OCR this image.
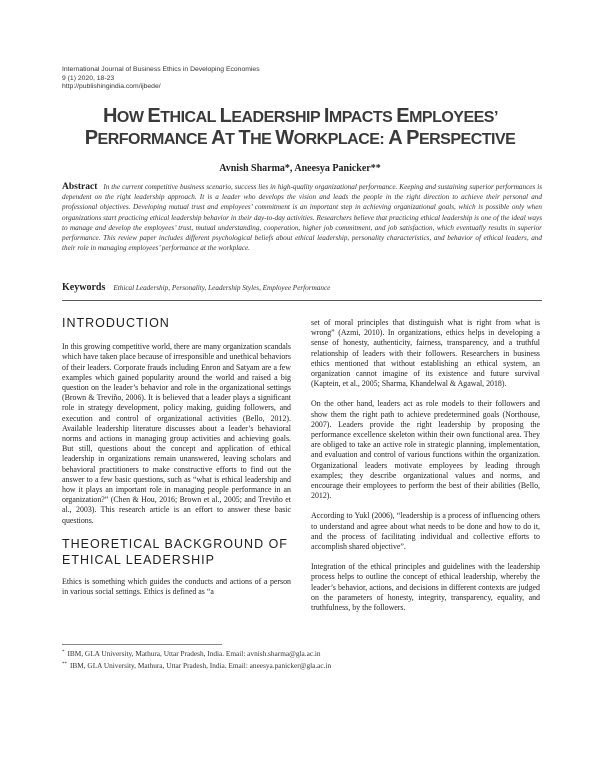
International Journal of Business Ethics in Developing Economies
9 (1) 2020, 18-23
http://publishingindia.com/ijbede/
HOW ETHICAL LEADERSHIP IMPACTS EMPLOYEES’ PERFORMANCE AT THE WORKPLACE: A PERSPECTIVE
Avnish Sharma*, Aneesya Panicker**
Abstract In the current competitive business scenario, success lies in high-quality organizational performance. Keeping and sustaining superior performances is dependent on the right leadership approach. It is a leader who develops the vision and leads the people in the right direction to achieve their personal and professional objectives. Developing mutual trust and employees’ commitment is an important step in achieving organizational goals, which is possible only when organizations start practicing ethical leadership behavior in their day-to-day activities. Researchers believe that practicing ethical leadership is one of the ideal ways to manage and develop the employees’ trust, mutual understanding, cooperation, higher job commitment, and job satisfaction, which eventually results in superior performance. This review paper includes different psychological beliefs about ethical leadership, personality characteristics, and behavior of ethical leaders, and their role in managing employees’ performance at the workplace.
Keywords Ethical Leadership, Personality, Leadership Styles, Employee Performance
INTRODUCTION

In this growing competitive world, there are many organization scandals which have taken place because of irresponsible and unethical behaviors of their leaders. Corporate frauds including Enron and Satyam are a few examples which gained popularity around the world and raised a big question on the leader’s behavior and role in the organizational settings (Brown & Treviño, 2006). It is believed that a leader plays a significant role in strategy development, policy making, guiding followers, and execution and control of organizational activities (Bello, 2012). Available leadership literature discusses about a leader’s behavioral norms and actions in managing group activities and achieving goals. But still, questions about the concept and application of ethical leadership in organizations remain unanswered, leaving scholars and behavioral practitioners to make constructive efforts to find out the answer to a few basic questions, such as “what is ethical leadership and how it plays an important role in managing people performance in an organization?” (Chen & Hou, 2016; Brown et al., 2005; and Treviño et al., 2003). This research article is an effort to answer these basic questions.

THEORETICAL BACKGROUND OF ETHICAL LEADERSHIP

Ethics is something which guides the conducts and actions of a person in various social settings. Ethics is defined as “a

set of moral principles that distinguish what is right from what is wrong” (Azmi, 2010). In organizations, ethics helps in developing a sense of honesty, authenticity, fairness, transparency, and a truthful relationship of leaders with their followers. Researchers in business ethics mentioned that without establishing an ethical system, an organization cannot imagine of its existence and future survival (Kaptein, et al., 2005; Sharma, Khandelwal & Agawal, 2018).

On the other hand, leaders act as role models to their followers and show them the right path to achieve predetermined goals (Northouse, 2007). Leaders provide the right leadership by proposing the performance excellence skeleton within their own functional area. They are obliged to take an active role in strategic planning, implementation, and evaluation and control of various functions within the organization. Organizational leaders motivate employees by leading through examples; they describe organizational values and norms, and encourage their employees to perform the best of their abilities (Bello, 2012).

According to Yukl (2006), “leadership is a process of influencing others to understand and agree about what needs to be done and how to do it, and the process of facilitating individual and collective efforts to accomplish shared objective”.

Integration of the ethical principles and guidelines with the leadership process helps to outline the concept of ethical leadership, whereby the leader’s behavior, actions, and decisions in different contexts are judged on the parameters of honesty, integrity, transparency, equality, and truthfulness, by the followers.

* IBM, GLA University, Mathura, Uttar Pradesh, India. Email: avnish.sharma@gla.ac.in
** IBM, GLA University, Mathura, Uttar Pradesh, India. Email: aneesya.panicker@gla.ac.in
